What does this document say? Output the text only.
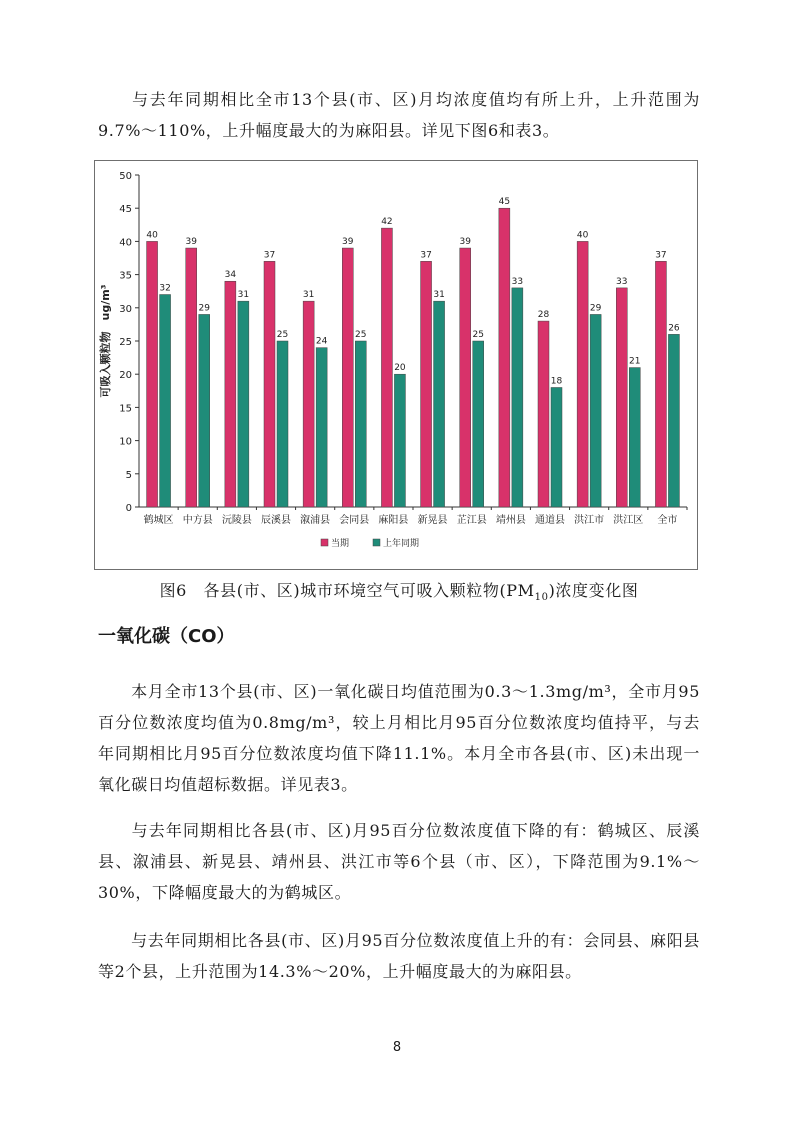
与去年同期相比全市13个县(市、区)月均浓度值均有所上升，上升范围为9.7%～110%，上升幅度最大的为麻阳县。详见下图6和表3。

0
5
10
15
20
25
30
35
40
45
50
可吸入颗粒物　ug/m³
40
32
鹤城区
39
29
中方县
34
31
沅陵县
37
25
辰溪县
31
24
溆浦县
39
25
会同县
42
20
麻阳县
37
31
新晃县
39
25
芷江县
45
33
靖州县
28
18
通道县
40
29
洪江市
33
21
洪江区
37
26
全市
当期	上年同期
图6　各县(市、区)城市环境空气可吸入颗粒物$(PM_{10})$浓度变化图
一氧化碳（CO）

本月全市13个县(市、区)一氧化碳日均值范围为0.3～1.3mg/m³，全市月95百分位数浓度均值为0.8mg/m³，较上月相比月95百分位数浓度均值持平，与去年同期相比月95百分位数浓度均值下降11.1%。本月全市各县(市、区)未出现一氧化碳日均值超标数据。详见表3。

与去年同期相比各县(市、区)月95百分位数浓度值下降的有：鹤城区、辰溪县、溆浦县、新晃县、靖州县、洪江市等6个县（市、区），下降范围为9.1%～30%，下降幅度最大的为鹤城区。

与去年同期相比各县(市、区)月95百分位数浓度值上升的有：会同县、麻阳县等2个县，上升范围为14.3%～20%，上升幅度最大的为麻阳县。

8
